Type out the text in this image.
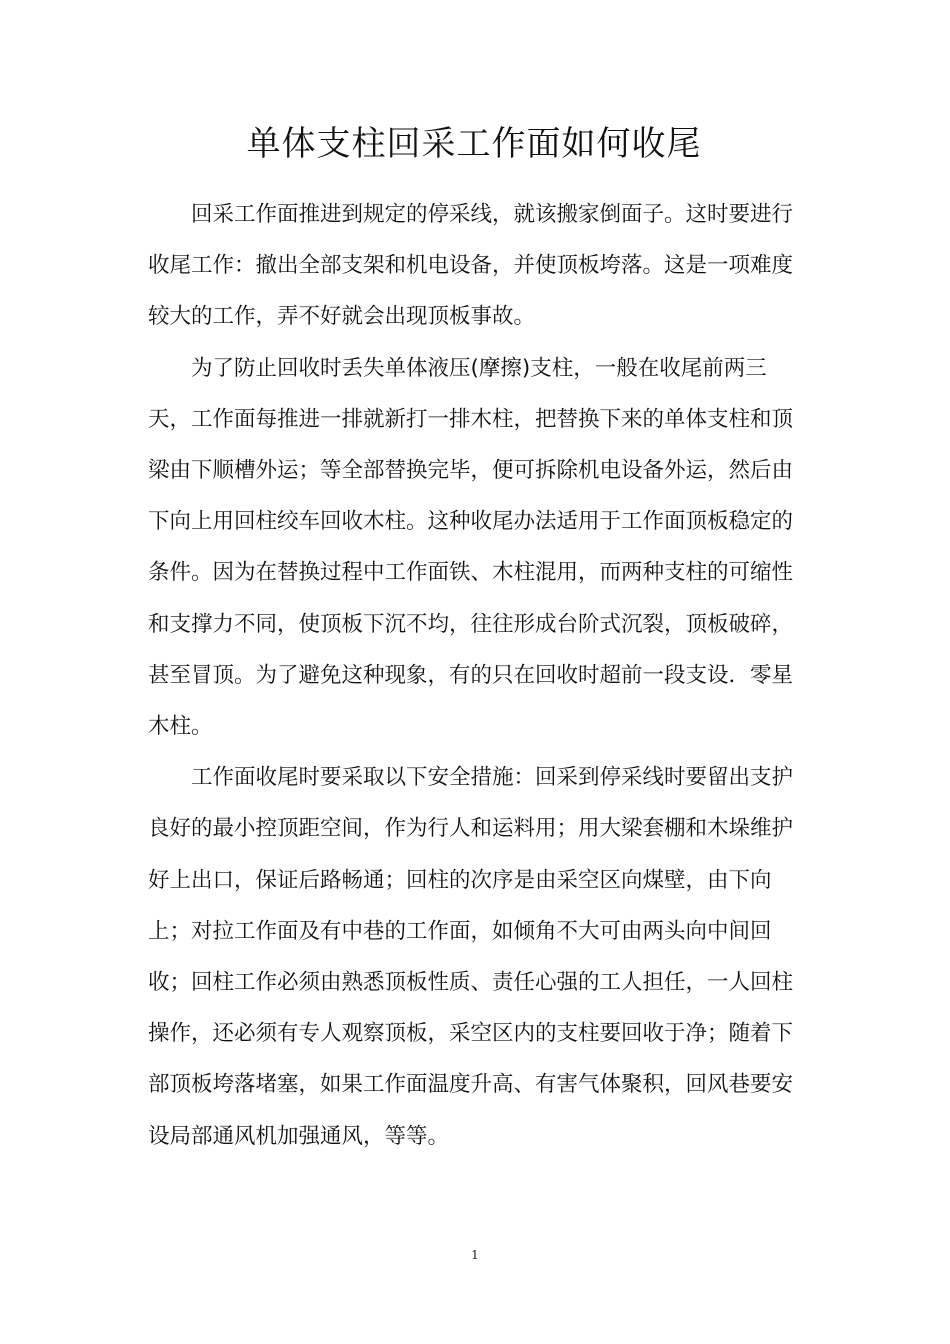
单体支柱回采工作面如何收尾

回采工作面推进到规定的停采线，就该搬家倒面子。这时要进行收尾工作：撤出全部支架和机电设备，并使顶板垮落。这是一项难度较大的工作，弄不好就会出现顶板事故。

为了防止回收时丢失单体液压(摩擦)支柱，一般在收尾前两三天，工作面每推进一排就新打一排木柱，把替换下来的单体支柱和顶梁由下顺槽外运；等全部替换完毕，便可拆除机电设备外运，然后由下向上用回柱绞车回收木柱。这种收尾办法适用于工作面顶板稳定的条件。因为在替换过程中工作面铁、木柱混用，而两种支柱的可缩性和支撑力不同，使顶板下沉不均，往往形成台阶式沉裂，顶板破碎，甚至冒顶。为了避免这种现象，有的只在回收时超前一段支设．零星木柱。

工作面收尾时要采取以下安全措施：回采到停采线时要留出支护良好的最小控顶距空间，作为行人和运料用；用大梁套棚和木垛维护好上出口，保证后路畅通；回柱的次序是由采空区向煤壁，由下向上；对拉工作面及有中巷的工作面，如倾角不大可由两头向中间回收；回柱工作必须由熟悉顶板性质、责任心强的工人担任，一人回柱操作，还必须有专人观察顶板，采空区内的支柱要回收于净；随着下部顶板垮落堵塞，如果工作面温度升高、有害气体聚积，回风巷要安设局部通风机加强通风，等等。

1
